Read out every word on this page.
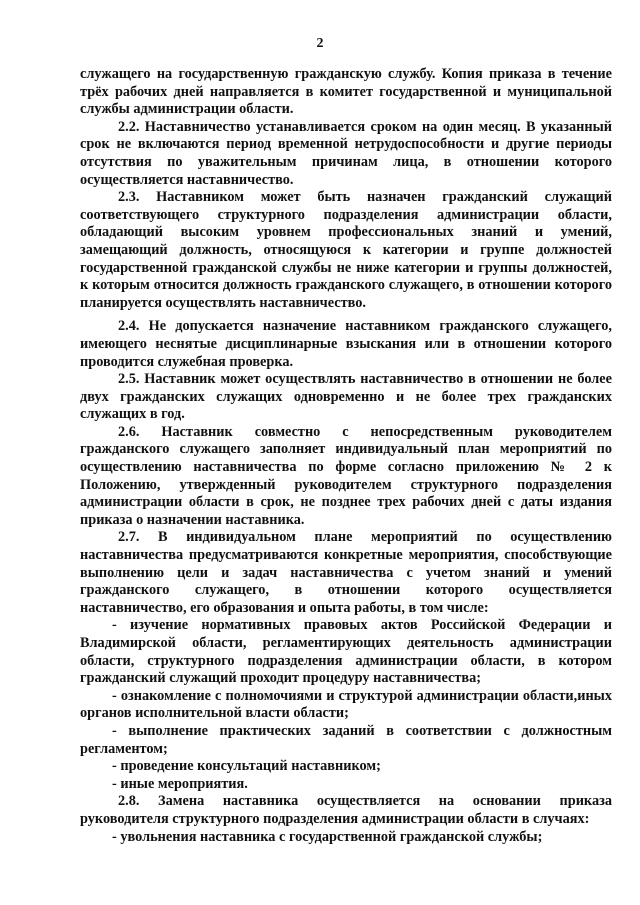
2

служащего на государственную гражданскую службу. Копия приказа в течение трёх рабочих дней направляется в комитет государственной и муниципальной службы администрации области.

2.2. Наставничество устанавливается сроком на один месяц. В указанный срок не включаются период временной нетрудоспособности и другие периоды отсутствия по уважительным причинам лица, в отношении которого осуществляется наставничество.

2.3. Наставником может быть назначен гражданский служащий соответствующего структурного подразделения администрации области, обладающий высоким уровнем профессиональных знаний и умений, замещающий должность, относящуюся к категории и группе должностей государственной гражданской службы не ниже категории и группы должностей, к которым относится должность гражданского служащего, в отношении которого планируется осуществлять наставничество.

2.4. Не допускается назначение наставником гражданского служащего, имеющего неснятые дисциплинарные взыскания или в отношении которого проводится служебная проверка.

2.5. Наставник может осуществлять наставничество в отношении не более двух гражданских служащих одновременно и не более трех гражданских служащих в год.

2.6. Наставник совместно с непосредственным руководителем гражданского служащего заполняет индивидуальный план мероприятий по осуществлению наставничества по форме согласно приложению № 2 к Положению, утвержденный руководителем структурного подразделения администрации области в срок, не позднее трех рабочих дней с даты издания приказа о назначении наставника.

2.7. В индивидуальном плане мероприятий по осуществлению наставничества предусматриваются конкретные мероприятия, способствующие выполнению цели и задач наставничества с учетом знаний и умений гражданского служащего, в отношении которого осуществляется наставничество, его образования и опыта работы, в том числе:

- изучение нормативных правовых актов Российской Федерации и Владимирской области, регламентирующих деятельность администрации области, структурного подразделения администрации области, в котором гражданский служащий проходит процедуру наставничества;

- ознакомление с полномочиями и структурой администрации области,иных органов исполнительной власти области;

- выполнение практических заданий в соответствии с должностным регламентом;

- проведение консультаций наставником;

- иные мероприятия.

2.8. Замена наставника осуществляется на основании приказа руководителя структурного подразделения администрации области в случаях:

- увольнения наставника с государственной гражданской службы;
